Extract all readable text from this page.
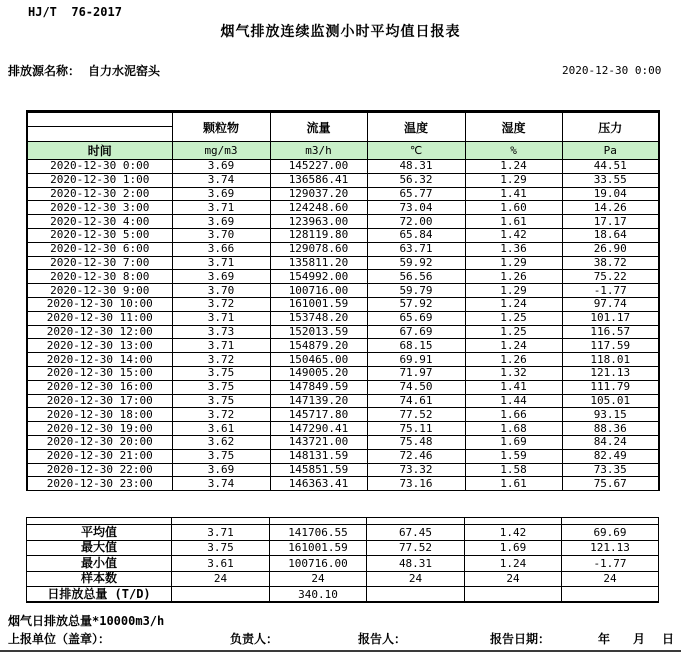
HJ/T  76-2017
烟气排放连续监测小时平均值日报表
排放源名称： 自力水泥窑头	2020-12-30 0:00
	颗粒物	流量	温度	湿度	压力

时间	mg/m3	m3/h	℃	%	Pa
2020-12-30 0:00	3.69	145227.00	48.31	1.24	44.51
2020-12-30 1:00	3.74	136586.41	56.32	1.29	33.55
2020-12-30 2:00	3.69	129037.20	65.77	1.41	19.04
2020-12-30 3:00	3.71	124248.60	73.04	1.60	14.26
2020-12-30 4:00	3.69	123963.00	72.00	1.61	17.17
2020-12-30 5:00	3.70	128119.80	65.84	1.42	18.64
2020-12-30 6:00	3.66	129078.60	63.71	1.36	26.90
2020-12-30 7:00	3.71	135811.20	59.92	1.29	38.72
2020-12-30 8:00	3.69	154992.00	56.56	1.26	75.22
2020-12-30 9:00	3.70	100716.00	59.79	1.29	-1.77
2020-12-30 10:00	3.72	161001.59	57.92	1.24	97.74
2020-12-30 11:00	3.71	153748.20	65.69	1.25	101.17
2020-12-30 12:00	3.73	152013.59	67.69	1.25	116.57
2020-12-30 13:00	3.71	154879.20	68.15	1.24	117.59
2020-12-30 14:00	3.72	150465.00	69.91	1.26	118.01
2020-12-30 15:00	3.75	149005.20	71.97	1.32	121.13
2020-12-30 16:00	3.75	147849.59	74.50	1.41	111.79
2020-12-30 17:00	3.75	147139.20	74.61	1.44	105.01
2020-12-30 18:00	3.72	145717.80	77.52	1.66	93.15
2020-12-30 19:00	3.61	147290.41	75.11	1.68	88.36
2020-12-30 20:00	3.62	143721.00	75.48	1.69	84.24
2020-12-30 21:00	3.75	148131.59	72.46	1.59	82.49
2020-12-30 22:00	3.69	145851.59	73.32	1.58	73.35
2020-12-30 23:00	3.74	146363.41	73.16	1.61	75.67

平均值	3.71	141706.55	67.45	1.42	69.69
最大值	3.75	161001.59	77.52	1.69	121.13
最小值	3.61	100716.00	48.31	1.24	-1.77
样本数	24	24	24	24	24
日排放总量 (T/D)		340.10			
烟气日排放总量*10000m3/h
上报单位（盖章）：	负责人：	报告人：	报告日期：	年 月 日
